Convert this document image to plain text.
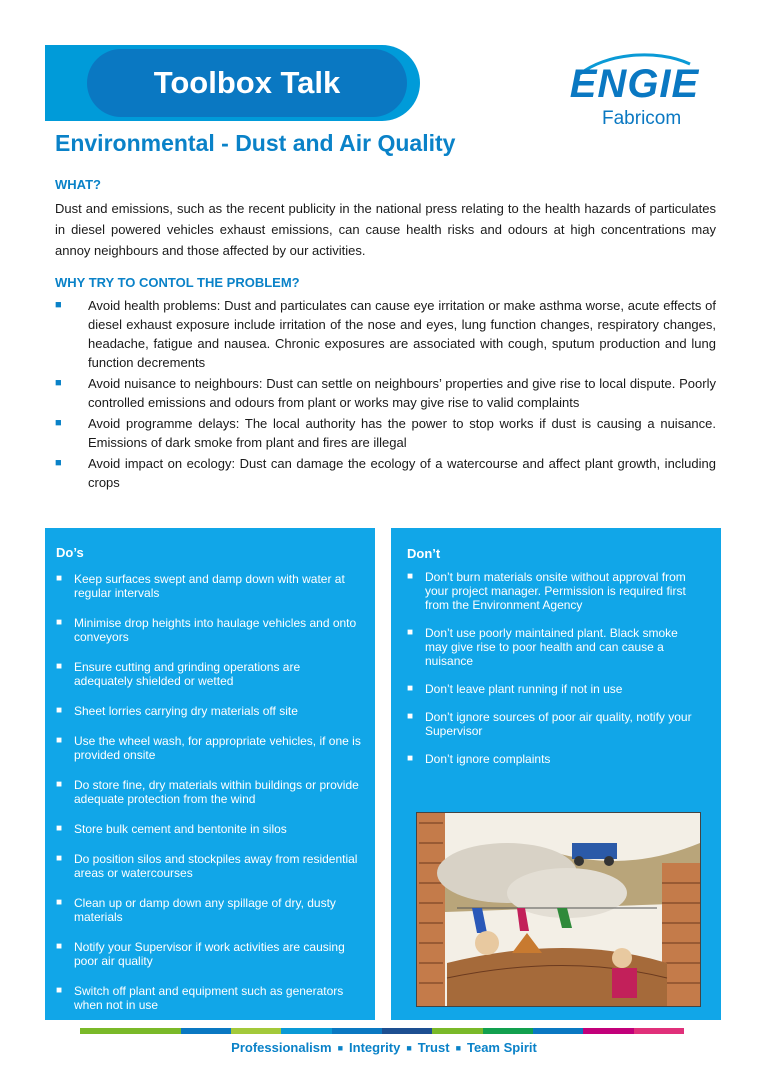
Toolbox Talk	ENGIE
Fabricom
Environmental - Dust and Air Quality
WHAT?
Dust and emissions, such as the recent publicity in the national press relating to the health hazards of particulates in diesel powered vehicles exhaust emissions, can cause health risks and odours at high concentrations may annoy neighbours and those affected by our activities.
WHY TRY TO CONTOL THE PROBLEM?
■ Avoid health problems: Dust and particulates can cause eye irritation or make asthma worse, acute effects of diesel exhaust exposure include irritation of the nose and eyes, lung function changes, respiratory changes, headache, fatigue and nausea. Chronic exposures are associated with cough, sputum production and lung function decrements
■ Avoid nuisance to neighbours: Dust can settle on neighbours’ properties and give rise to local dispute. Poorly controlled emissions and odours from plant or works may give rise to valid complaints
■ Avoid programme delays: The local authority has the power to stop works if dust is causing a nuisance. Emissions of dark smoke from plant and fires are illegal
■ Avoid impact on ecology: Dust can damage the ecology of a watercourse and affect plant growth, including crops
Do’s
■ Keep surfaces swept and damp down with water at regular intervals
■ Minimise drop heights into haulage vehicles and onto conveyors
■ Ensure cutting and grinding operations are adequately shielded or wetted
■ Sheet lorries carrying dry materials off site
■ Use the wheel wash, for appropriate vehicles, if one is provided onsite
■ Do store fine, dry materials within buildings or provide adequate protection from the wind
■ Store bulk cement and bentonite in silos
■ Do position silos and stockpiles away from residential areas or watercourses
■ Clean up or damp down any spillage of dry, dusty materials
■ Notify your Supervisor if work activities are causing poor air quality
■ Switch off plant and equipment such as generators when not in use
Don’t
■ Don’t burn materials onsite without approval from your project manager. Permission is required first from the Environment Agency
■ Don’t use poorly maintained plant. Black smoke may give rise to poor health and can cause a nuisance
■ Don’t leave plant running if not in use
■ Don’t ignore sources of poor air quality, notify your Supervisor
■ Don’t ignore complaints
Professionalism ■ Integrity ■ Trust ■ Team Spirit
